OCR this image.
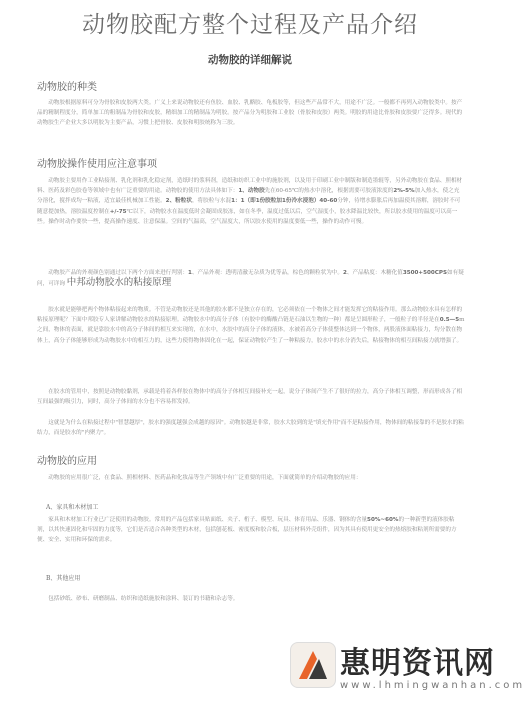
动物胶配方整个过程及产品介绍
动物胶的详细解说
动物胶的种类
动物胶根据原料可分为骨胶和皮胶两大类。广义上来说动物胶还有鱼胶、血胶、乳酪胶、龟板胶等，但这些产品常不大，用途不广泛。一般都不再列入动物胶类中。按产品的精制程度分，简单加工的粗制品为骨胶和皮胶，精细加工的精制品为明胶。按产品分为明胶和工业胶（骨胶和皮胶）两类。明胶的用途比骨胶和皮胶要广泛得多。现代的动物胶生产企业大多以明胶为主要产品，习惯上把骨胶、皮胶和明胶统称为三胶。
动物胶操作使用应注意事项
动物胶主要用作工业粘接剂、乳化剂和乳化稳定剂，造纸时的浆料剂，造纸和纺织工业中的施胶剂，以及用于印刷工业中制版和制造墨辊等，另外动物胶在食品、照相材料、医药及彩色胶卷等领域中也有广泛重要的用途。动物胶的使用方法具体如下：1、动物胶先在60-65℃的热水中溶化，根据需要可胶液浓度的2%-5%加入热水，使之充分溶化，搅拌成均一粘液，适宜最佳机械加工性能。2、粉粒状，将胶粒与水混1：1（即1份胶粒加1份冷水浸泡）40-60分钟，待增水膨胀后再加温使其溶解，溶胶时不可随意提加热，溶胶温度控制在+/-75℃以下，动物胶水在温度低时会凝固成胶冻，如在冬季，温度过低以后，空气湿度小，胶水降温比较快，所以胶水使用的温度可以高一些。操作时动作要快一些，提高操作速度、注意保温。空间的气温高，空气湿度大，所以胶水使用的温度要低一些，操作的动作可慢。
动物胶产品的外观颜色别通过以下两个方面来进行判别：1、产品外观：透明清澈无杂质为优等品，棕色的颗粒状为中。2、产品粘度：木糖化值3500+500CPS如有疑问，可详询 中邦动物胶水的粘接原理
胶水就是能够把两个物体粘接起来的物质。不管是动物胶还是其他的胶水都不是独立存在的，它必须依在一个物体之间才能发挥它的粘接作用。那么动物胶水具有怎样的粘接原理呢？下面中邦胶专人家讲解动物胶水的粘接原理。动物胶水中的高分子体（有胶中的酶酸凸链是石油以生物的一种）都是呈圆形粒子，一般粒子的半径是在0.5—5m之间，物体的表面，就是靠胶水中的高分子体间的相互来实现的，在水中，水胶中的高分子体的液体，水被着高分子体使整体达到一个物体，两股液体面粘接力，均分散在物体上，高分子体能够形成为动物胶水中的相互力的，这些力使得物体固化在一起，保证动物胶产生了一种粘接力，胶水中的水分消失后，粘接物体的相互间粘接力就增强了。
在胶水的管用中，按照是动物胶黏剂，承载是将着各样胶在物体中的高分子体相互间接补充一起，说分子体间产生不了很好的拉力，高分子体相互调整，形而形成各了相互间最强的吸引力，同时，高分子体间的水分也不容易挥发掉。
这就是为什么在粘接过程中"智慧越厚"，胶水的强度越强会成越的原因"。动物胶越是非常，胶水大胶到的是"填充作用"而不是粘接作用，物体间的粘接靠的不是胶水的粘结力，而是胶水的"内聚力"。
动物胶的应用
动物胶的应用很广泛，在食品、照相材料、医药品和化妆品等生产领域中有广泛重要的用途，下面就简单的介绍动物胶的应用：
A、家具和木材加工
家具和木材加工行业已广泛使用的动物胶。常用的产品包括家具贴面纸、夹子、桁子、模型、玩具、体育用品、乐器、钢体的含量50%~60%的一种新型的液体胶粘剂，以其快速固化和牢固的力度等，它们是否适合各种类型的木材，包括刨花板、密度板和胶合板，层压材料外壳组件，因为其具有使用更安全的热熔胶和粘剂所需要的方便、安全、实用和环保的需求。
B、其他应用
包括砂纸、砂布、研磨制品、纺织和造纸施胶和涂料、装订的书籍和杂志等。
惠明资讯网
www.lhmingwanhan.com
